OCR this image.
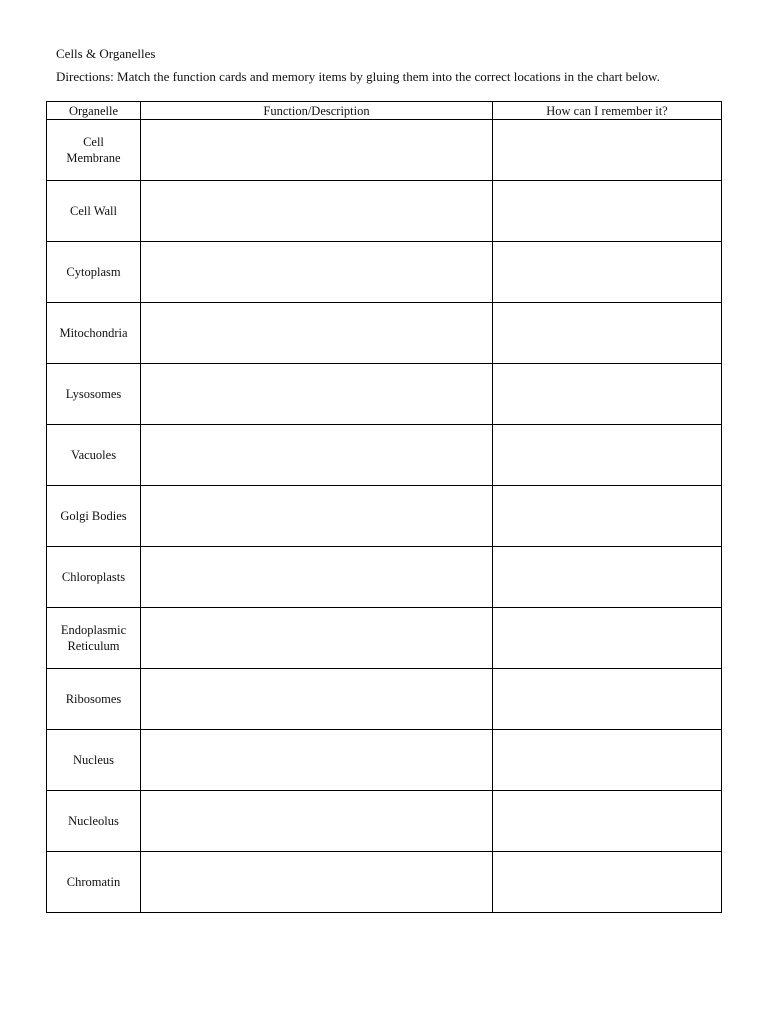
Cells & Organelles
Directions: Match the function cards and memory items by gluing them into the correct locations in the chart below.
Organelle	Function/Description	How can I remember it?

Cell
Membrane		

Cell Wall		

Cytoplasm		

Mitochondria		

Lysosomes		

Vacuoles		

Golgi Bodies		

Chloroplasts		

Endoplasmic
Reticulum		

Ribosomes		

Nucleus		

Nucleolus		

Chromatin		
